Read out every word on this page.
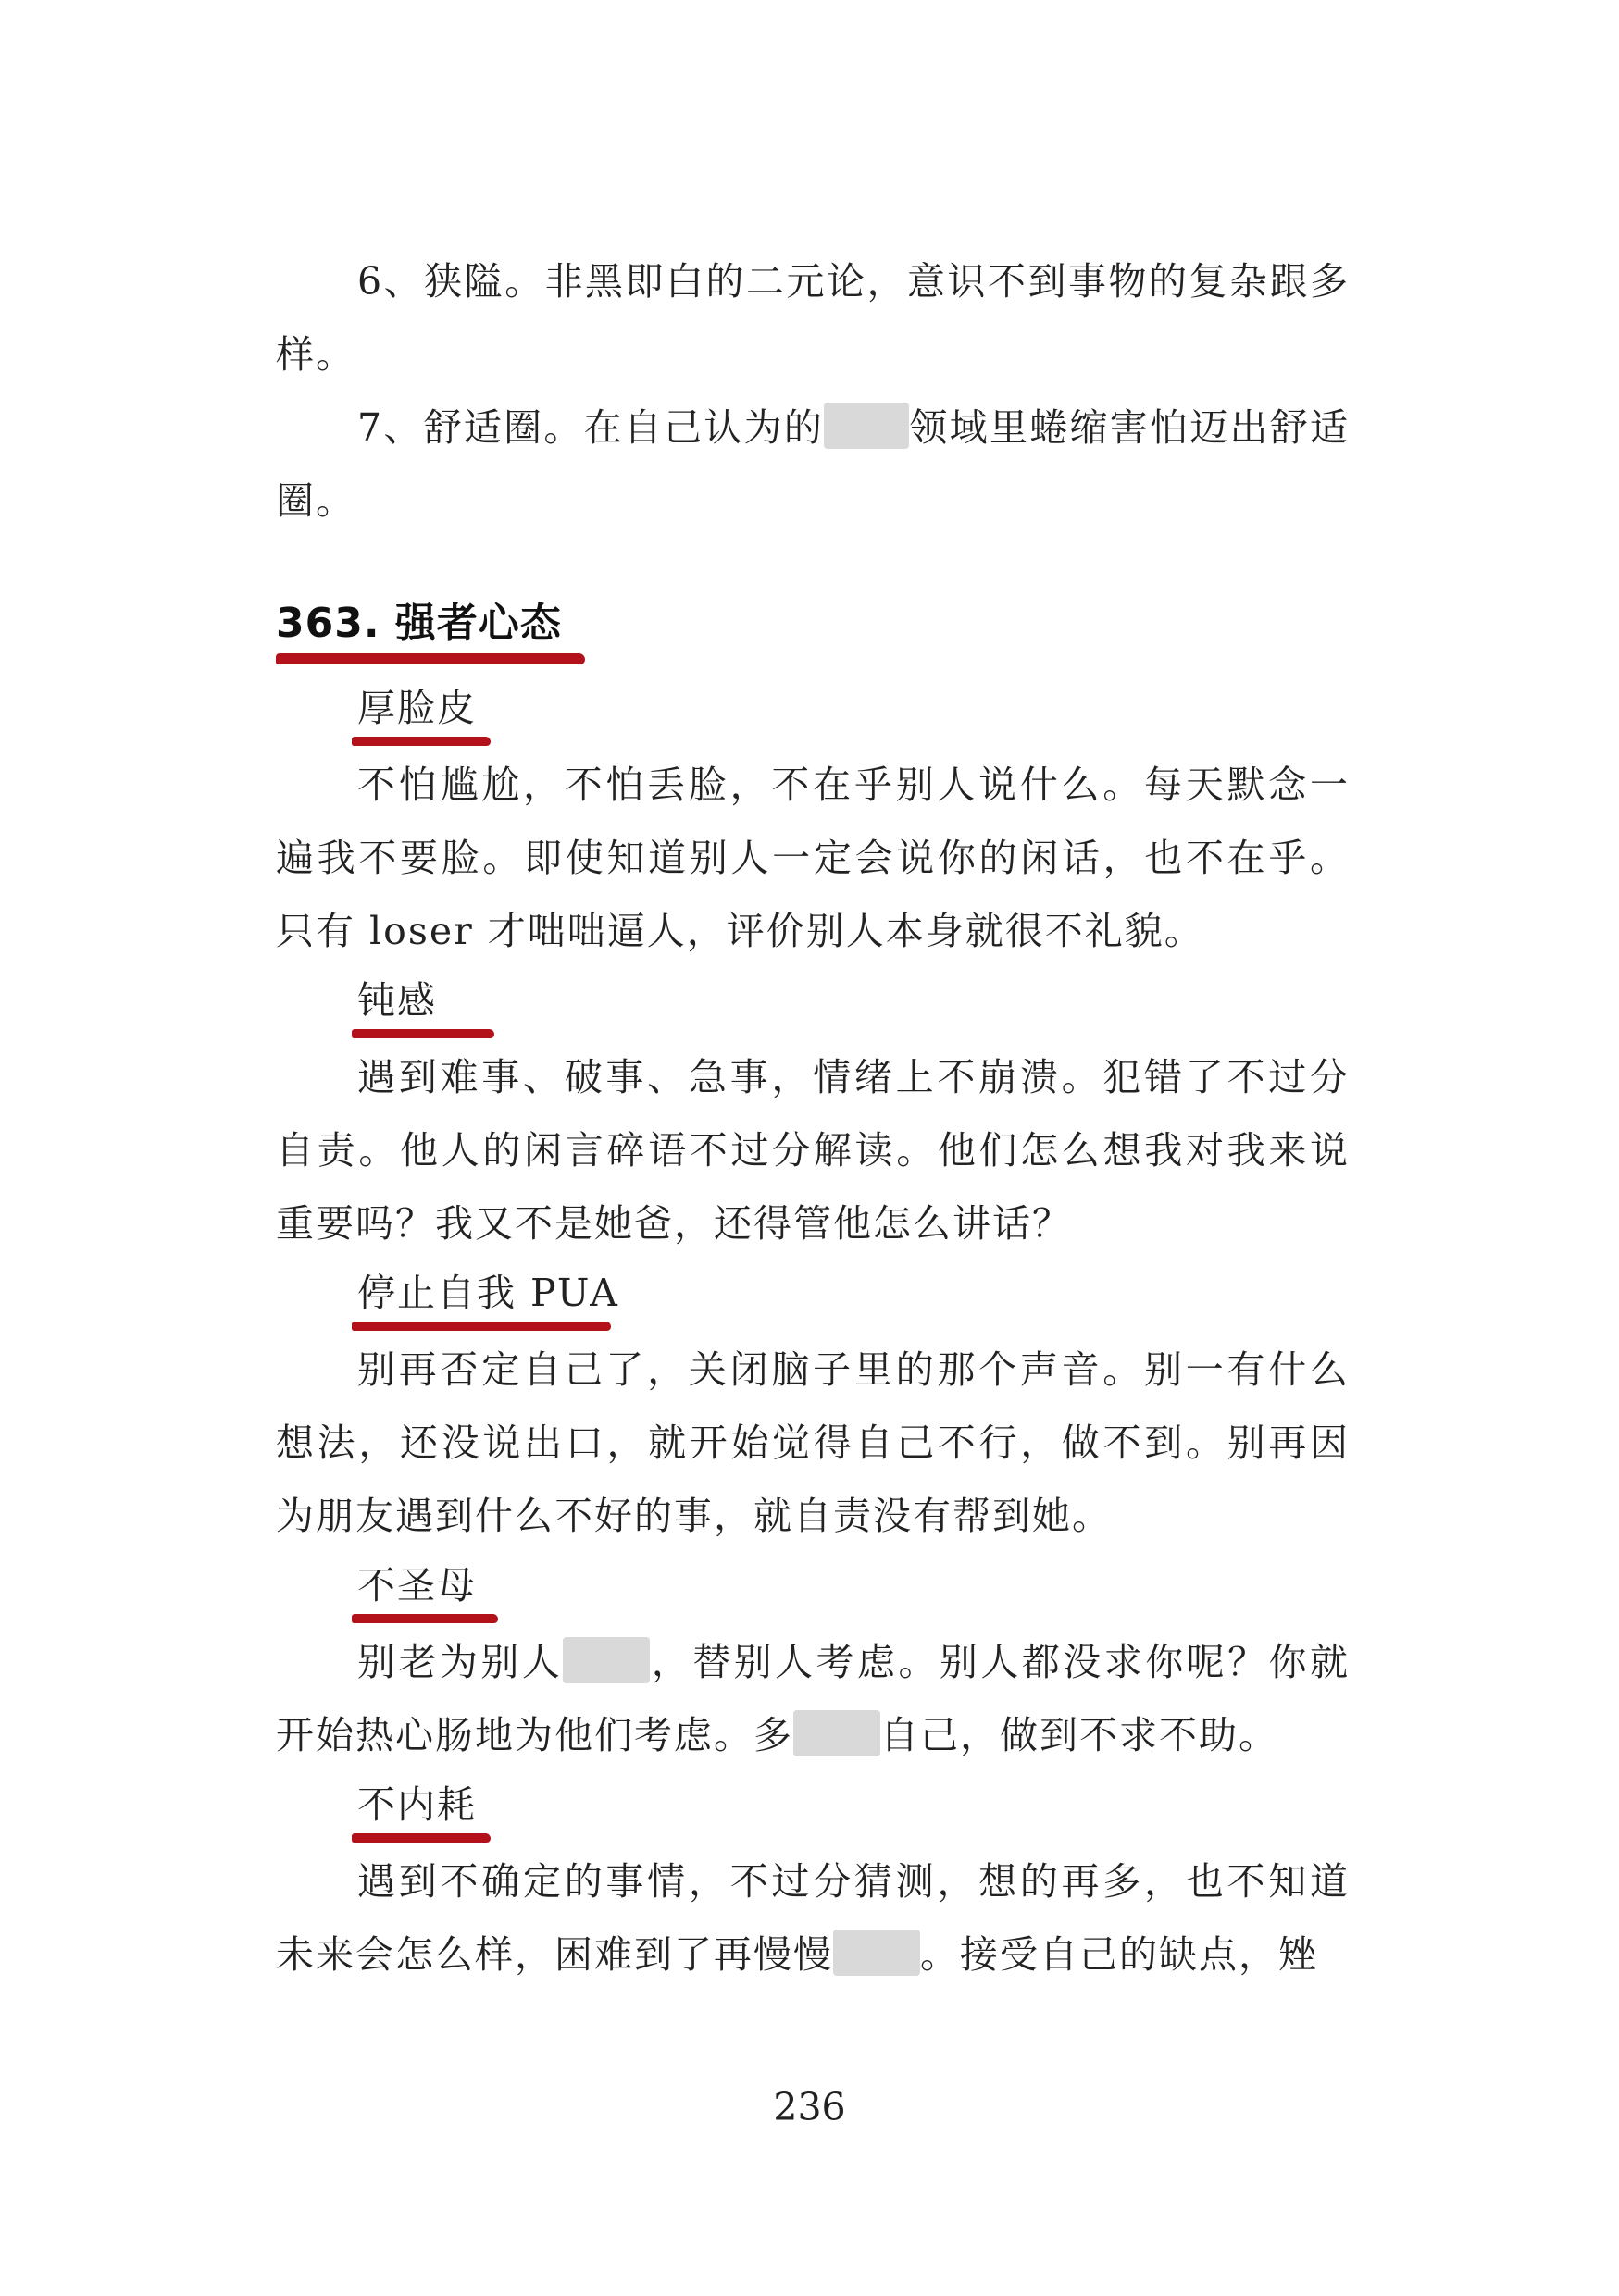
6、狭隘。非黑即白的二元论，意识不到事物的复杂跟多样。

7、舒适圈。在自己认为的 领域里蜷缩害怕迈出舒适圈。

363. 强者心态
厚脸皮

不怕尴尬，不怕丢脸，不在乎别人说什么。每天默念一遍我不要脸。即使知道别人一定会说你的闲话，也不在乎。只有 loser 才咄咄逼人，评价别人本身就很不礼貌。

钝感

遇到难事、破事、急事，情绪上不崩溃。犯错了不过分自责。他人的闲言碎语不过分解读。他们怎么想我对我来说重要吗？我又不是她爸，还得管他怎么讲话？

停止自我 PUA

别再否定自己了，关闭脑子里的那个声音。别一有什么想法，还没说出口，就开始觉得自己不行，做不到。别再因为朋友遇到什么不好的事，就自责没有帮到她。

不圣母

别老为别人 ，替别人考虑。别人都没求你呢？你就开始热心肠地为他们考虑。多 自己，做到不求不助。

不内耗

遇到不确定的事情，不过分猜测，想的再多，也不知道未来会怎么样，困难到了再慢慢 。接受自己的缺点，矬

236
